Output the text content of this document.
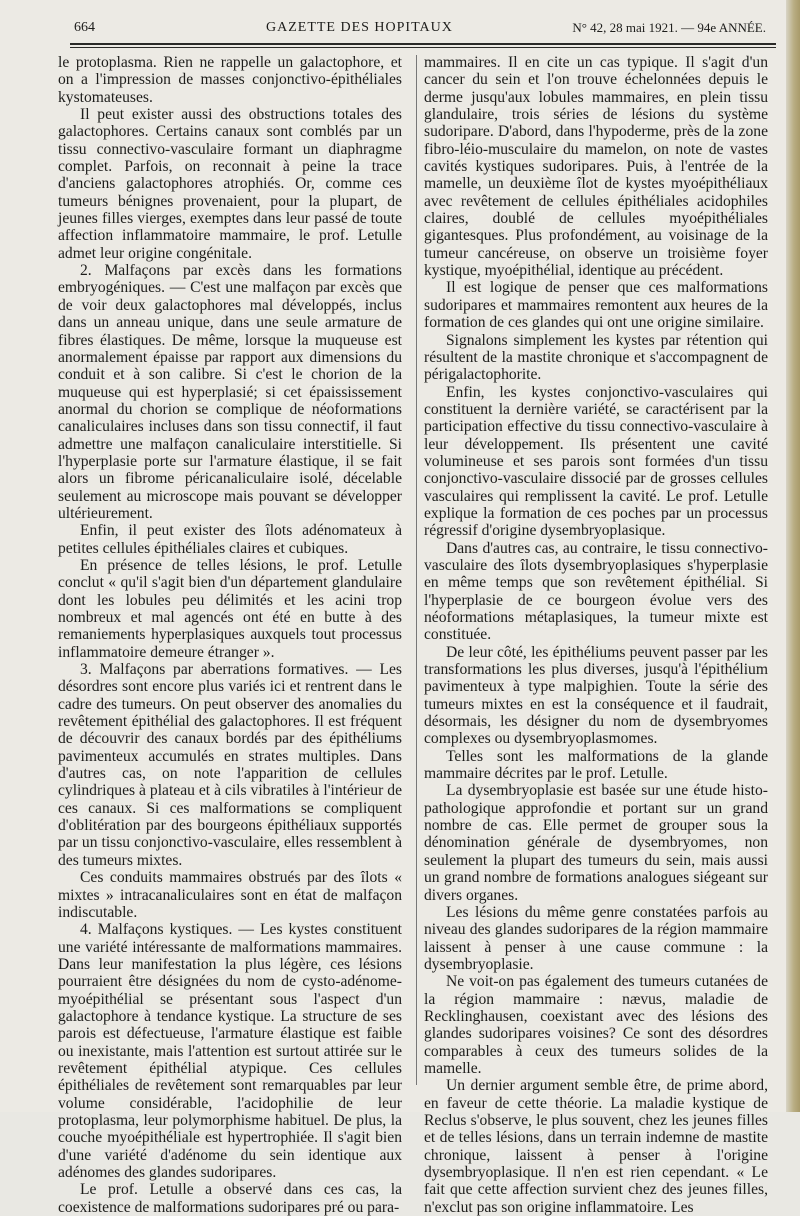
664	GAZETTE DES HOPITAUX	N° 42, 28 mai 1921. — 94e ANNÉE.

le protoplasma. Rien ne rappelle un galactophore, et on a l'impression de masses conjonctivo-épithéliales kystomateuses.

Il peut exister aussi des obstructions totales des galactophores. Certains canaux sont comblés par un tissu connectivo-vasculaire formant un diaphragme complet. Parfois, on reconnait à peine la trace d'anciens galactophores atrophiés. Or, comme ces tumeurs bénignes provenaient, pour la plupart, de jeunes filles vierges, exemptes dans leur passé de toute affection inflammatoire mammaire, le prof. Letulle admet leur origine congénitale.

2. Malfaçons par excès dans les formations embryogéniques. — C'est une malfaçon par excès que de voir deux galactophores mal développés, inclus dans un anneau unique, dans une seule armature de fibres élastiques. De même, lorsque la muqueuse est anormalement épaisse par rapport aux dimensions du conduit et à son calibre. Si c'est le chorion de la muqueuse qui est hyperplasié; si cet épaississement anormal du chorion se complique de néoformations canaliculaires incluses dans son tissu connectif, il faut admettre une malfaçon canaliculaire interstitielle. Si l'hyperplasie porte sur l'armature élastique, il se fait alors un fibrome péricanaliculaire isolé, décelable seulement au microscope mais pouvant se développer ultérieurement.

Enfin, il peut exister des îlots adénomateux à petites cellules épithéliales claires et cubiques.

En présence de telles lésions, le prof. Letulle conclut « qu'il s'agit bien d'un département glandulaire dont les lobules peu délimités et les acini trop nombreux et mal agencés ont été en butte à des remaniements hyperplasiques auxquels tout processus inflammatoire demeure étranger ».

3. Malfaçons par aberrations formatives. — Les désordres sont encore plus variés ici et rentrent dans le cadre des tumeurs. On peut observer des anomalies du revêtement épithélial des galactophores. Il est fréquent de découvrir des canaux bordés par des épithéliums pavimenteux accumulés en strates multiples. Dans d'autres cas, on note l'apparition de cellules cylindriques à plateau et à cils vibratiles à l'intérieur de ces canaux. Si ces malformations se compliquent d'oblitération par des bourgeons épithéliaux supportés par un tissu conjonctivo-vasculaire, elles ressemblent à des tumeurs mixtes.

Ces conduits mammaires obstrués par des îlots « mixtes » intracanaliculaires sont en état de malfaçon indiscutable.

4. Malfaçons kystiques. — Les kystes constituent une variété intéressante de malformations mammaires. Dans leur manifestation la plus légère, ces lésions pourraient être désignées du nom de cysto-adénome-myoépithélial se présentant sous l'aspect d'un galactophore à tendance kystique. La structure de ses parois est défectueuse, l'armature élastique est faible ou inexistante, mais l'attention est surtout attirée sur le revêtement épithélial atypique. Ces cellules épithéliales de revêtement sont remarquables par leur volume considérable, l'acidophilie de leur protoplasma, leur polymorphisme habituel. De plus, la couche myoépithéliale est hypertrophiée. Il s'agit bien d'une variété d'adénome du sein identique aux adénomes des glandes sudoripares.

Le prof. Letulle a observé dans ces cas, la coexistence de malformations sudoripares pré ou para-

mammaires. Il en cite un cas typique. Il s'agit d'un cancer du sein et l'on trouve échelonnées depuis le derme jusqu'aux lobules mammaires, en plein tissu glandulaire, trois séries de lésions du système sudoripare. D'abord, dans l'hypoderme, près de la zone fibro-léio-musculaire du mamelon, on note de vastes cavités kystiques sudoripares. Puis, à l'entrée de la mamelle, un deuxième îlot de kystes myoépithéliaux avec revêtement de cellules épithéliales acidophiles claires, doublé de cellules myoépithéliales gigantesques. Plus profondément, au voisinage de la tumeur cancéreuse, on observe un troisième foyer kystique, myoépithélial, identique au précédent.

Il est logique de penser que ces malformations sudoripares et mammaires remontent aux heures de la formation de ces glandes qui ont une origine similaire.

Signalons simplement les kystes par rétention qui résultent de la mastite chronique et s'accompagnent de périgalactophorite.

Enfin, les kystes conjonctivo-vasculaires qui constituent la dernière variété, se caractérisent par la participation effective du tissu connectivo-vasculaire à leur développement. Ils présentent une cavité volumineuse et ses parois sont formées d'un tissu conjonctivo-vasculaire dissocié par de grosses cellules vasculaires qui remplissent la cavité. Le prof. Letulle explique la formation de ces poches par un processus régressif d'origine dysembryoplasique.

Dans d'autres cas, au contraire, le tissu connectivo-vasculaire des îlots dysembryoplasiques s'hyperplasie en même temps que son revêtement épithélial. Si l'hyperplasie de ce bourgeon évolue vers des néoformations métaplasiques, la tumeur mixte est constituée.

De leur côté, les épithéliums peuvent passer par les transformations les plus diverses, jusqu'à l'épithélium pavimenteux à type malpighien. Toute la série des tumeurs mixtes en est la conséquence et il faudrait, désormais, les désigner du nom de dysembryomes complexes ou dysembryoplasmomes.

Telles sont les malformations de la glande mammaire décrites par le prof. Letulle.

La dysembryoplasie est basée sur une étude histo-pathologique approfondie et portant sur un grand nombre de cas. Elle permet de grouper sous la dénomination générale de dysembryomes, non seulement la plupart des tumeurs du sein, mais aussi un grand nombre de formations analogues siégeant sur divers organes.

Les lésions du même genre constatées parfois au niveau des glandes sudoripares de la région mammaire laissent à penser à une cause commune : la dysembryoplasie.

Ne voit-on pas également des tumeurs cutanées de la région mammaire : nævus, maladie de Recklinghausen, coexistant avec des lésions des glandes sudoripares voisines? Ce sont des désordres comparables à ceux des tumeurs solides de la mamelle.

Un dernier argument semble être, de prime abord, en faveur de cette théorie. La maladie kystique de Reclus s'observe, le plus souvent, chez les jeunes filles et de telles lésions, dans un terrain indemne de mastite chronique, laissent à penser à l'origine dysembryoplasique. Il n'en est rien cependant. « Le fait que cette affection survient chez des jeunes filles, n'exclut pas son origine inflammatoire. Les
